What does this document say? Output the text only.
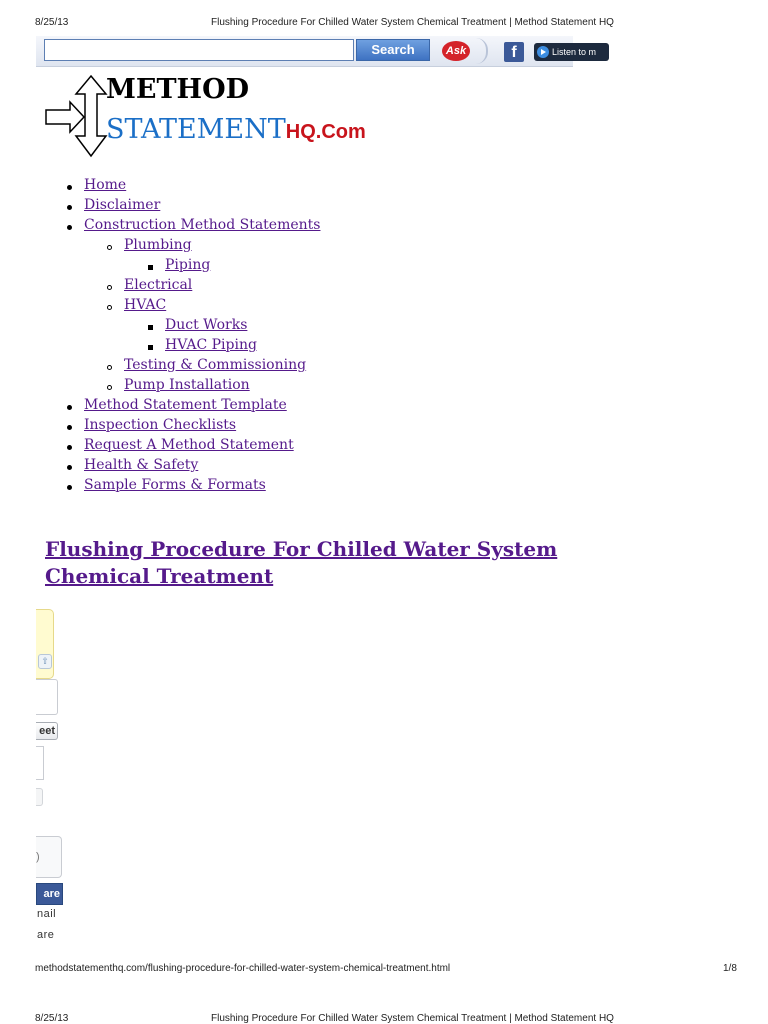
8/25/13	Flushing Procedure For Chilled Water System Chemical Treatment | Method Statement HQ
Search	Ask	f	Listen to m
METHOD
STATEMENTHQ.Com
Home
Disclaimer
Construction Method Statements
Plumbing
Piping
Electrical
HVAC
Duct Works
HVAC Piping
Testing & Commissioning
Pump Installation
Method Statement Template
Inspection Checklists
Request A Method Statement
Health & Safety
Sample Forms & Formats
Flushing Procedure For Chilled Water System Chemical Treatment
⇧
eet
)
are
nail
are
methodstatementhq.com/flushing-procedure-for-chilled-water-system-chemical-treatment.html	1/8
8/25/13	Flushing Procedure For Chilled Water System Chemical Treatment | Method Statement HQ
